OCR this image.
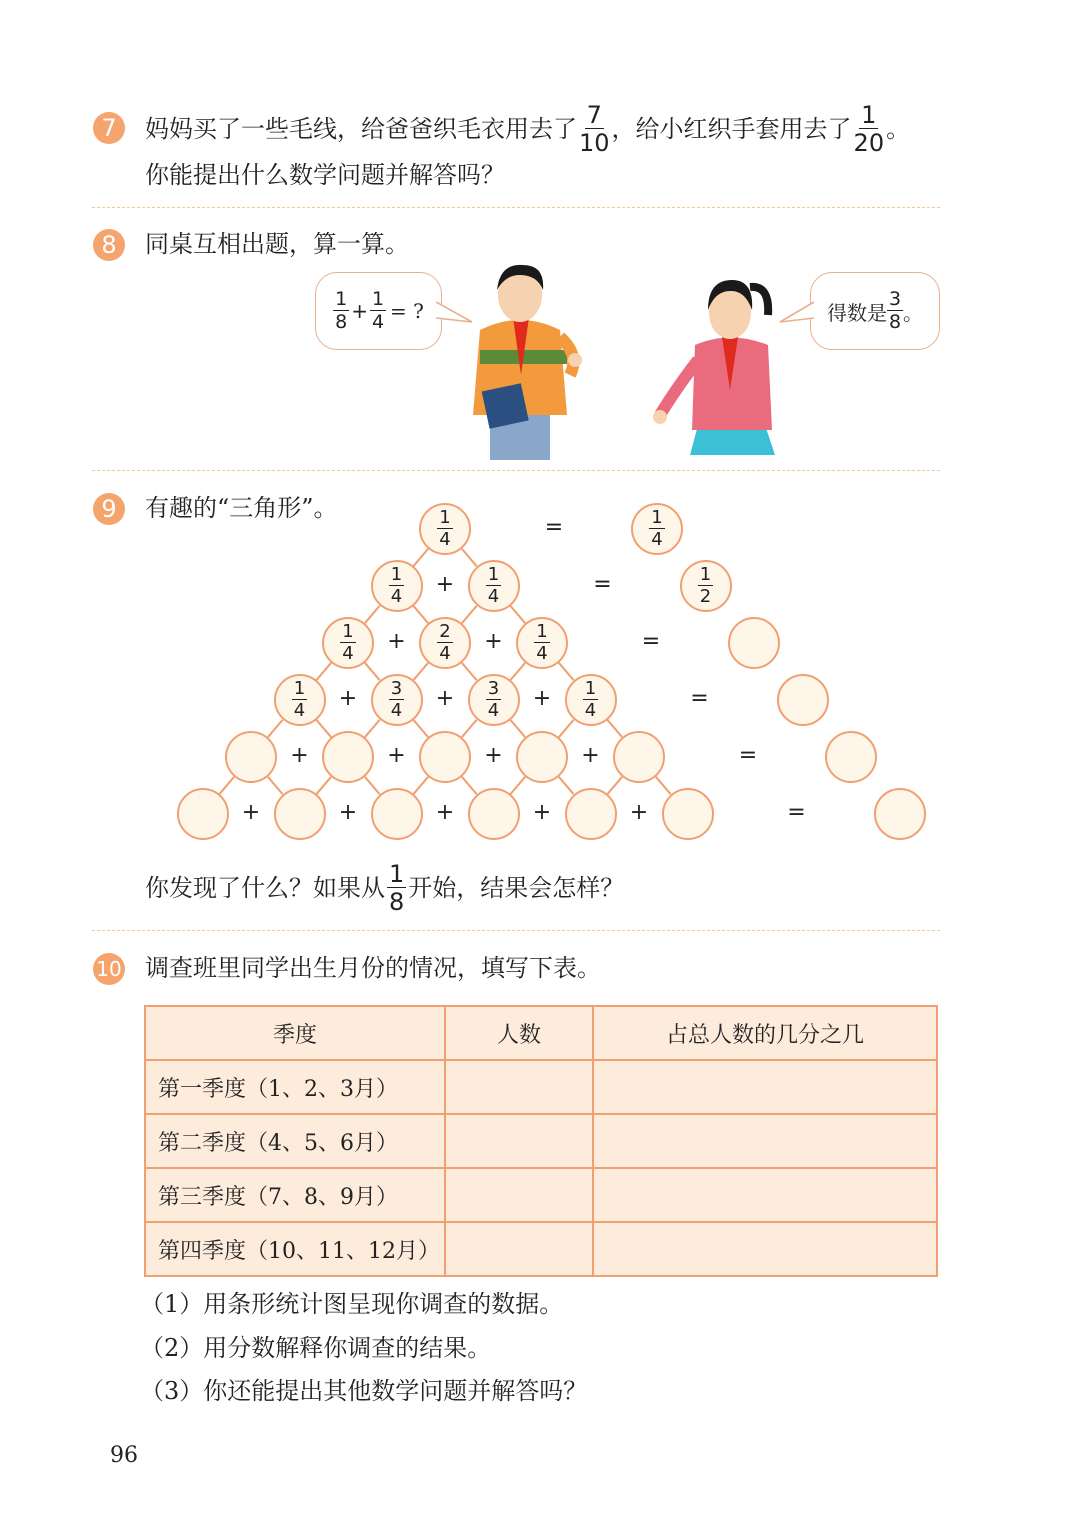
7 妈妈买了一些毛线，给爸爸织毛衣用去了 $\frac{7}{10}$ ，给小红织手套用去了 $\frac{1}{20}$ 。
你能提出什么数学问题并解答吗？
8 同桌互相出题，算一算。
$\frac{1}{8} + \frac{1}{4}$ = ?	得数是 $\frac{3}{8}$ 。
9 有趣的“三角形”。
$\frac{1}{4}$	=	$\frac{1}{4}$
$\frac{1}{4}$ +	$\frac{1}{4}$	=	$\frac{1}{2}$
$\frac{1}{4}$ +	$\frac{2}{4}$ +	$\frac{1}{4}$	=
$\frac{1}{4}$ +	$\frac{3}{4}$ +	$\frac{3}{4}$ +	$\frac{1}{4}$	=
+	+	+	+	=
+	+	+	+	+	=
你发现了什么？如果从 $\frac{1}{8}$ 开始，结果会怎样？
10 调查班里同学出生月份的情况，填写下表。
季度	人数	占总人数的几分之几
第一季度（1、2、3月）		
第二季度（4、5、6月）		
第三季度（7、8、9月）		
第四季度（10、11、12月）		
（1）用条形统计图呈现你调查的数据。
（2）用分数解释你调查的结果。
（3）你还能提出其他数学问题并解答吗？
96
